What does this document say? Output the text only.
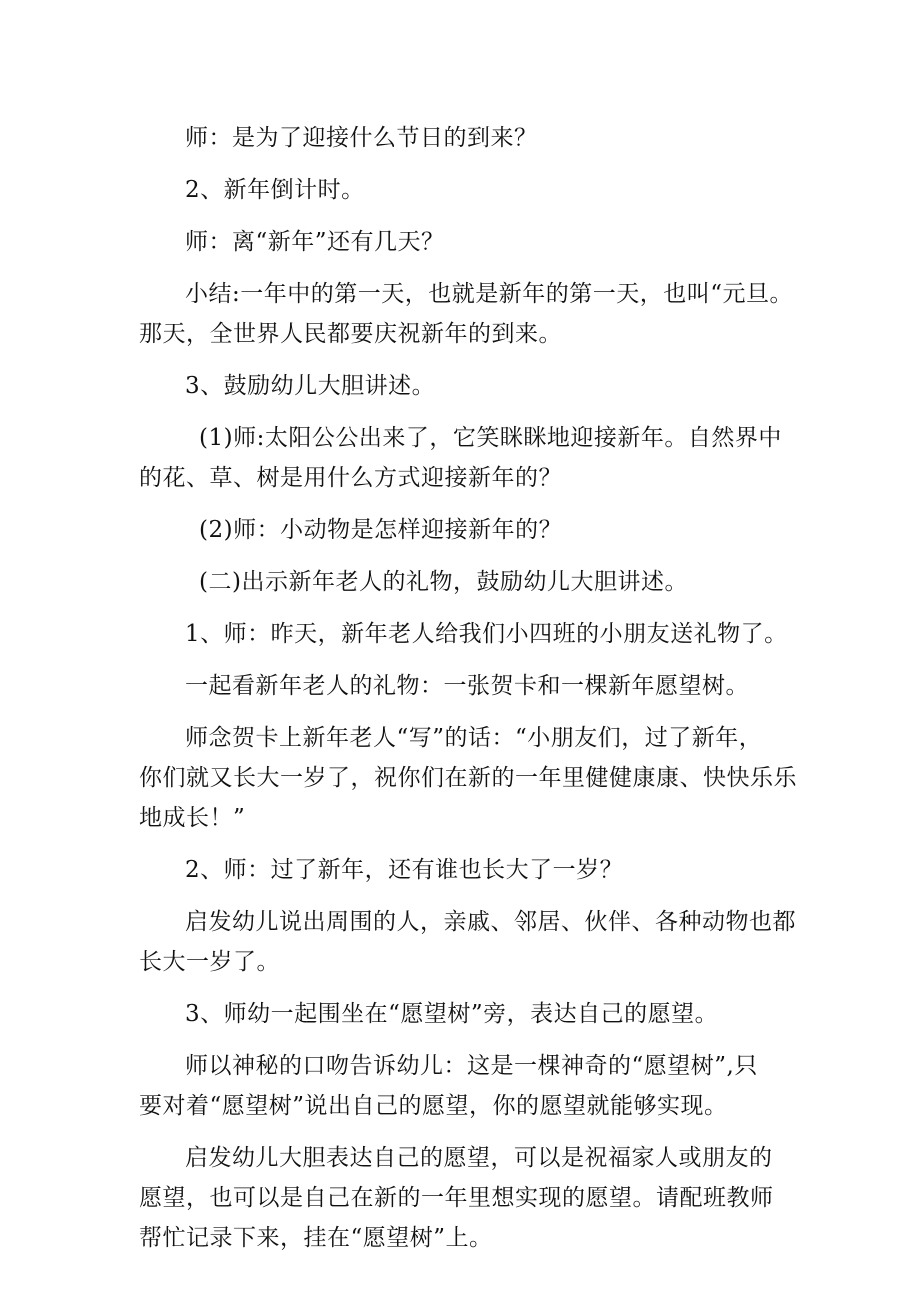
师：是为了迎接什么节日的到来？
2、新年倒计时。
师：离“新年”还有几天？
小结:一年中的第一天，也就是新年的第一天，也叫“元旦。
那天，全世界人民都要庆祝新年的到来。
3、鼓励幼儿大胆讲述。
(1)师:太阳公公出来了，它笑眯眯地迎接新年。自然界中
的花、草、树是用什么方式迎接新年的？
(2)师：小动物是怎样迎接新年的？
(二)出示新年老人的礼物，鼓励幼儿大胆讲述。
1、师：昨天，新年老人给我们小四班的小朋友送礼物了。
一起看新年老人的礼物：一张贺卡和一棵新年愿望树。
师念贺卡上新年老人“写”的话：“小朋友们，过了新年，
你们就又长大一岁了，祝你们在新的一年里健健康康、快快乐乐
地成长！”
2、师：过了新年，还有谁也长大了一岁？
启发幼儿说出周围的人，亲戚、邻居、伙伴、各种动物也都
长大一岁了。
3、师幼一起围坐在“愿望树”旁，表达自己的愿望。
师以神秘的口吻告诉幼儿：这是一棵神奇的“愿望树”,只
要对着“愿望树”说出自己的愿望，你的愿望就能够实现。
启发幼儿大胆表达自己的愿望，可以是祝福家人或朋友的
愿望，也可以是自己在新的一年里想实现的愿望。请配班教师
帮忙记录下来，挂在“愿望树”上。
